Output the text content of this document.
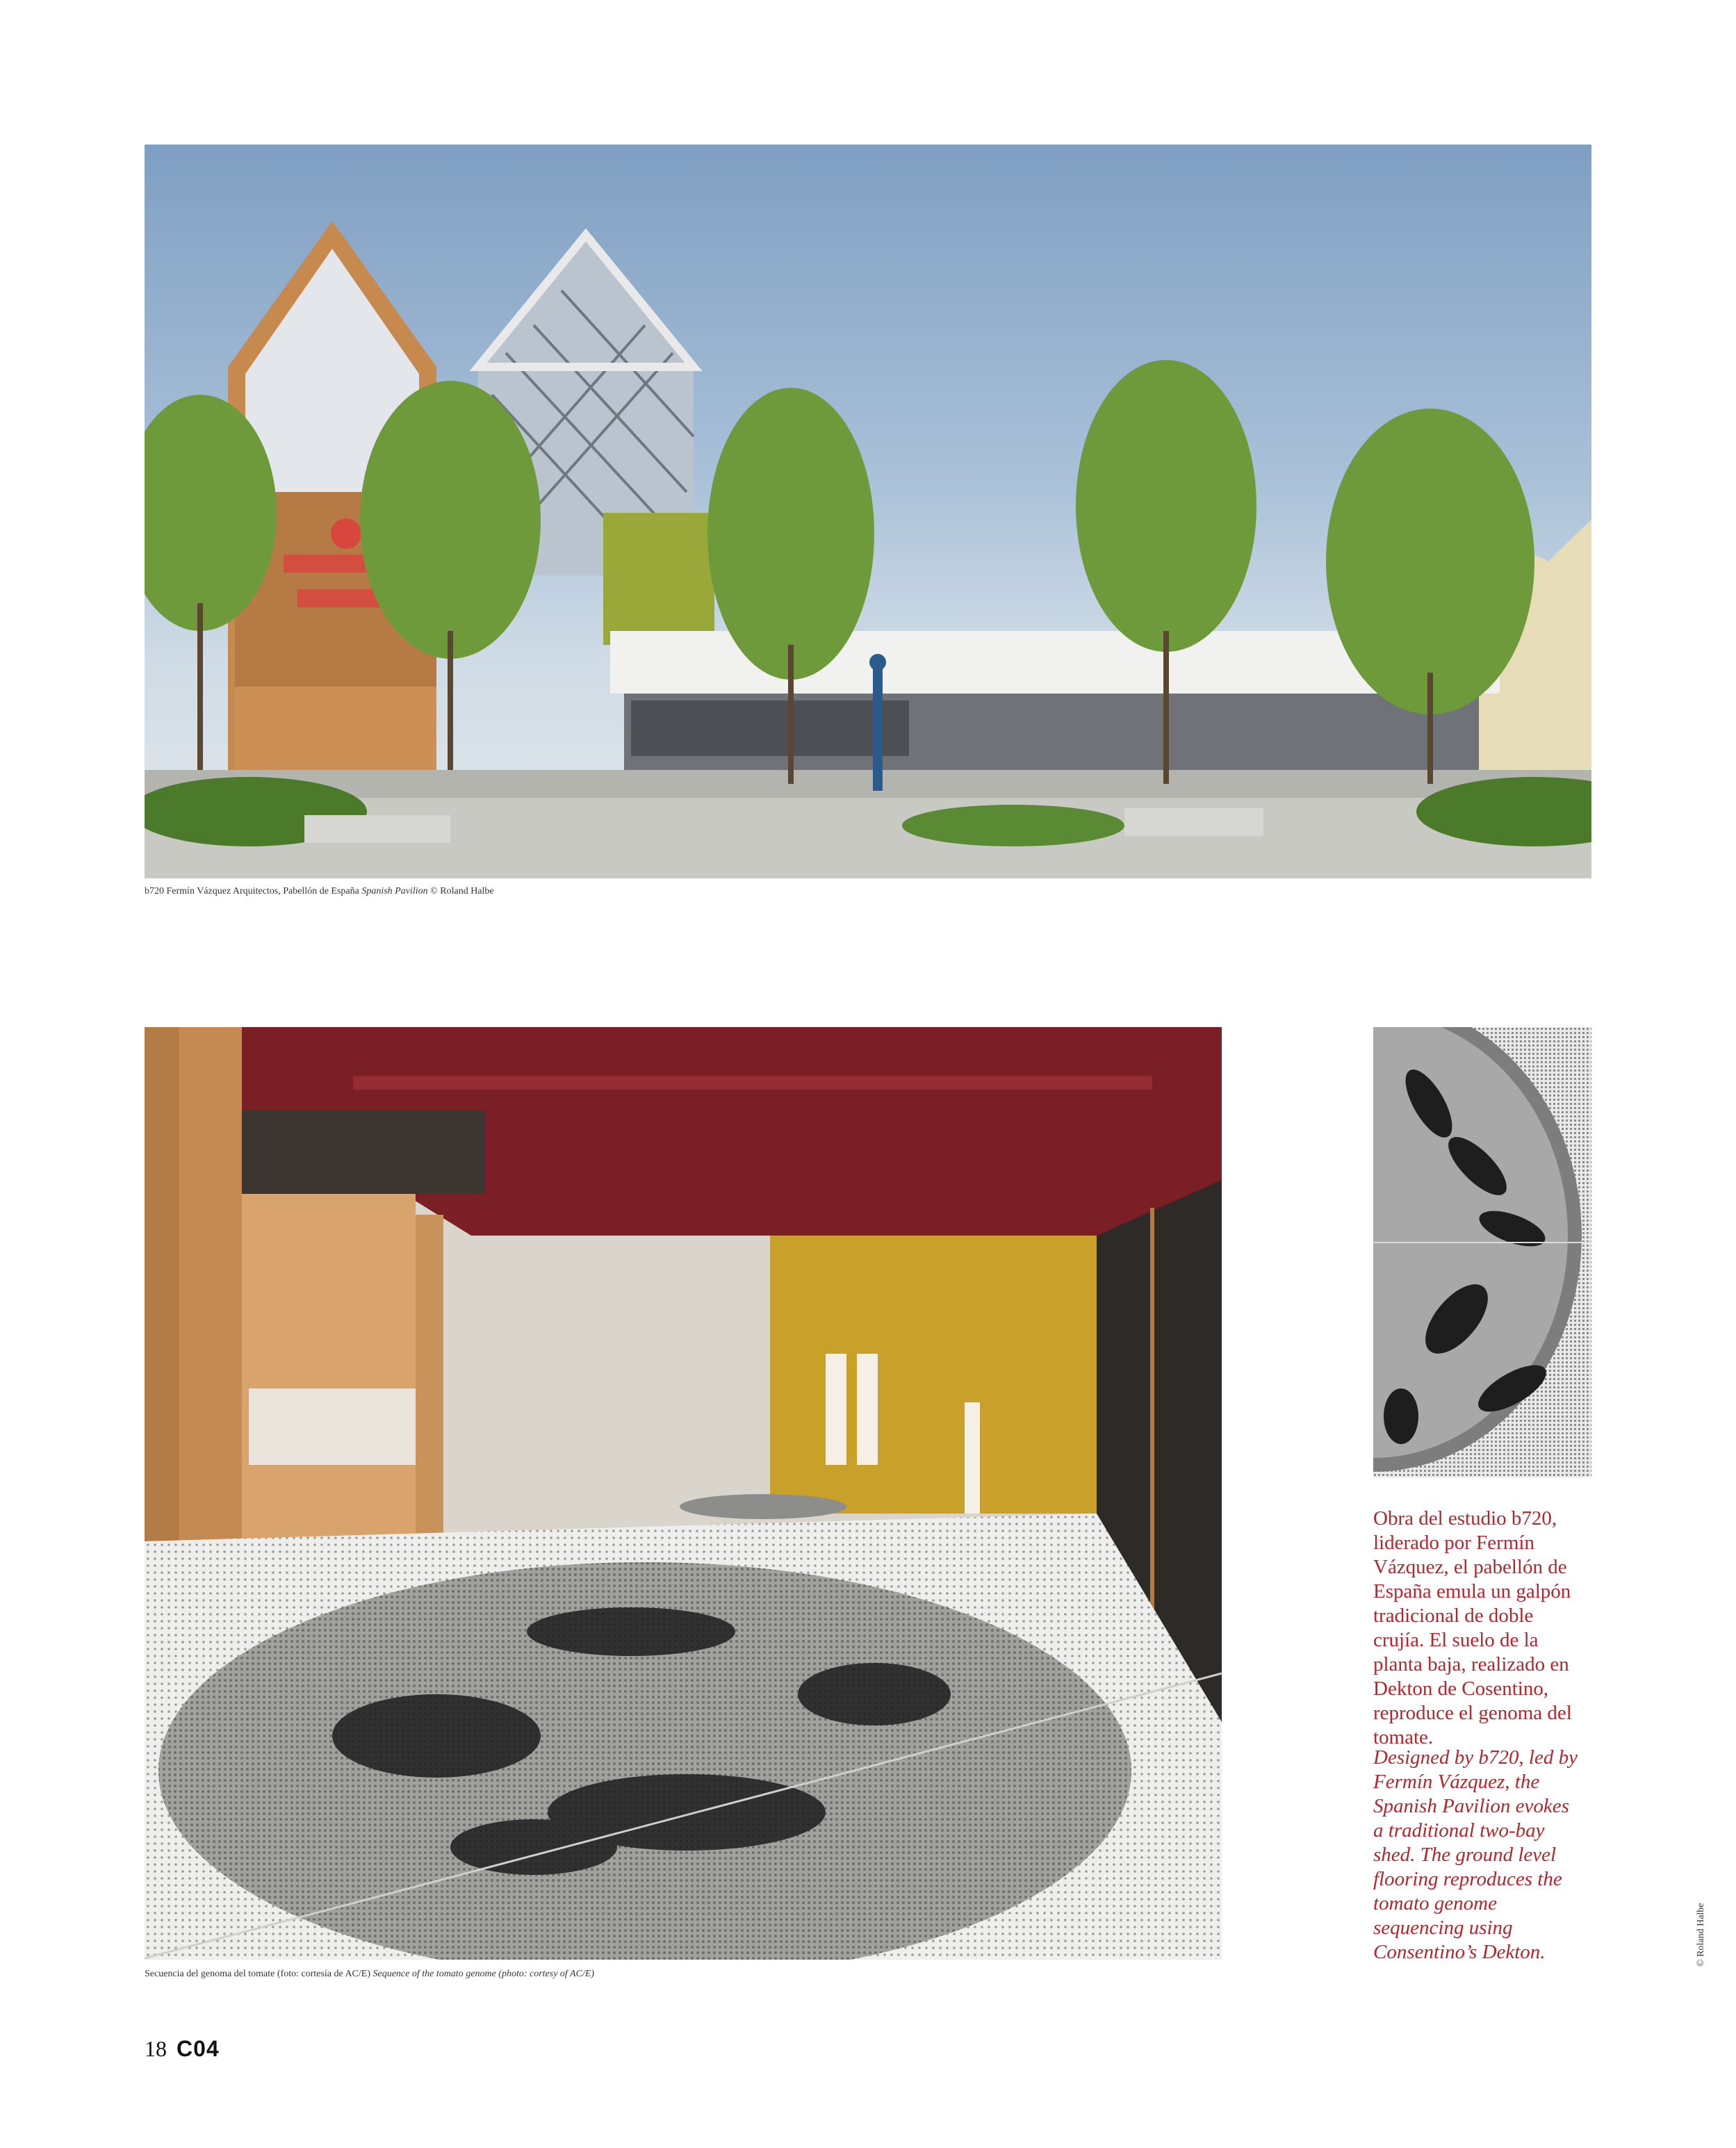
b720 Fermín Vázquez Arquitectos, Pabellón de España Spanish Pavilion © Roland Halbe
Secuencia del genoma del tomate (foto: cortesía de AC/E) Sequence of the tomato genome (photo: cortesy of AC/E)
Obra del estudio b720, liderado por Fermín Vázquez, el pabellón de España emula un galpón tradicional de doble crujía. El suelo de la planta baja, realizado en Dekton de Cosentino, reproduce el genoma del tomate.
Designed by b720, led by Fermín Vázquez, the Spanish Pavilion evokes a traditional two-bay shed. The ground level flooring reproduces the tomato genome sequencing using Consentino’s Dekton.	© Roland Halbe
18 C04
